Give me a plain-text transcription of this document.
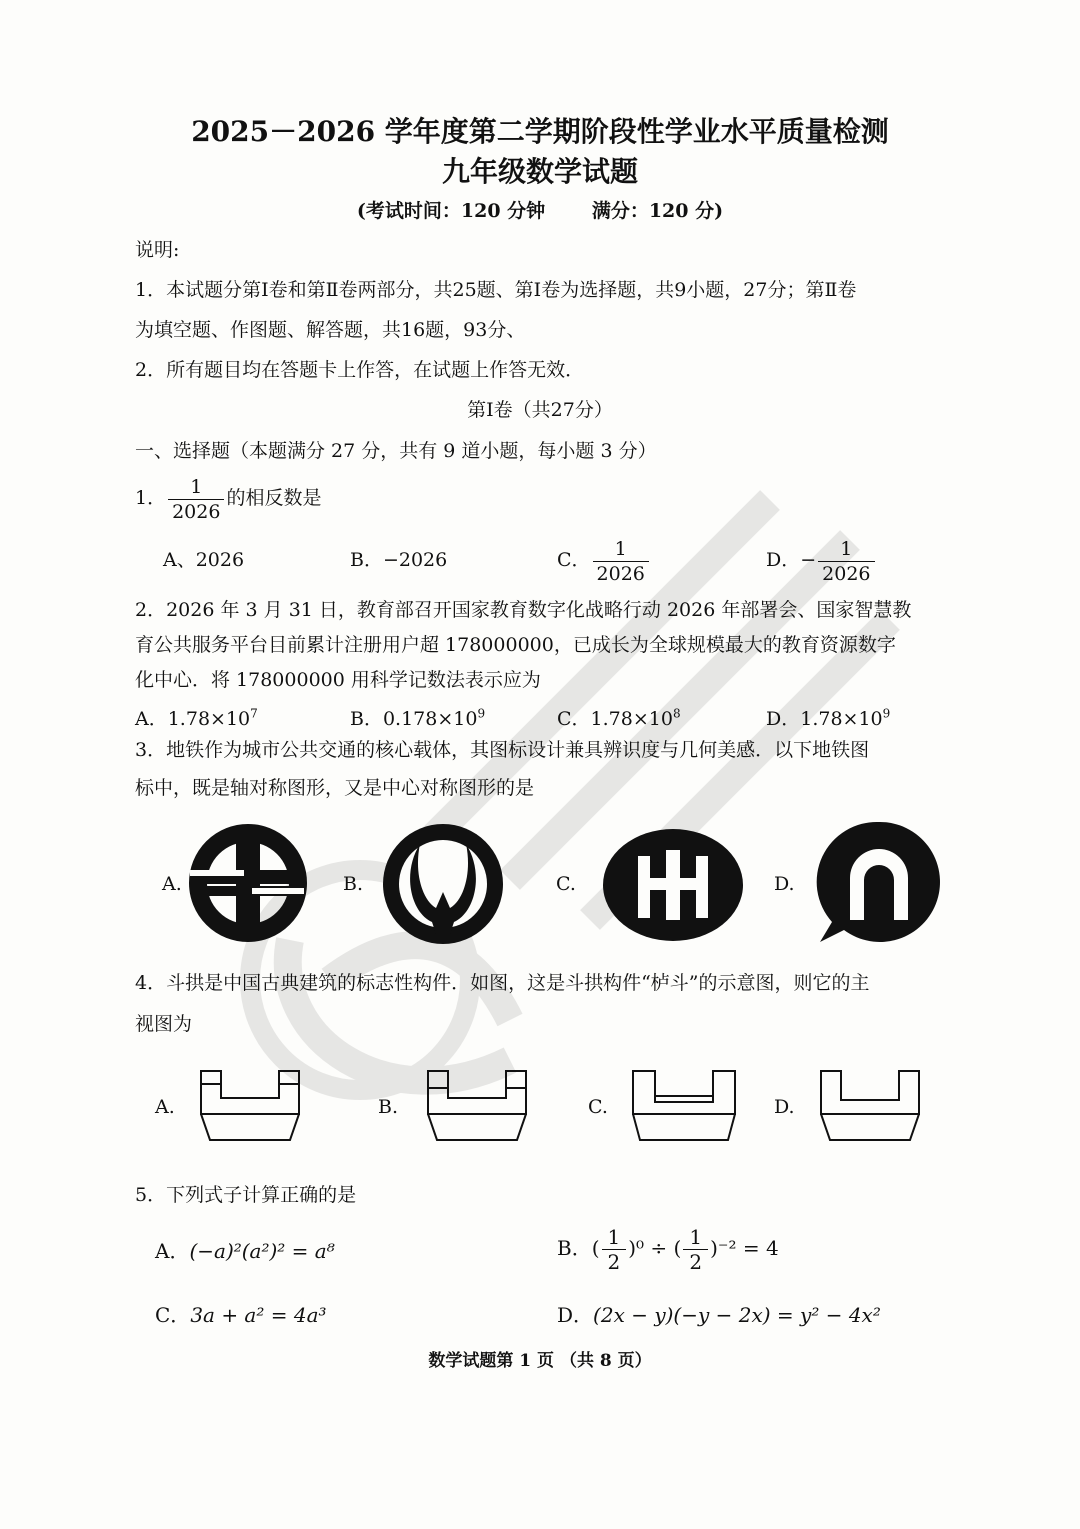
2025－2026 学年度第二学期阶段性学业水平质量检测
九年级数学试题
(考试时间：120 分钟 满分：120 分)
说明:
1．本试题分第Ⅰ卷和第Ⅱ卷两部分，共25题、第Ⅰ卷为选择题，共9小题，27分；第Ⅱ卷
为填空题、作图题、解答题，共16题，93分、
2．所有题目均在答题卡上作答，在试题上作答无效．
第Ⅰ卷（共27分）
一、选择题（本题满分 27 分，共有 9 道小题，每小题 3 分）
1． $\frac{1}{2026}$ 的相反数是
A、2026	B．−2026	C． $\frac{1}{2026}$	D．− $\frac{1}{2026}$
2．2026 年 3 月 31 日，教育部召开国家教育数字化战略行动 2026 年部署会、国家智慧教
育公共服务平台目前累计注册用户超 178000000，已成长为全球规模最大的教育资源数字
化中心．将 178000000 用科学记数法表示应为
A．$1.78\times 10^7$	B．$0.178\times 10^9$	C．$1.78\times 10^8$	D．$1.78\times 10^9$
3．地铁作为城市公共交通的核心载体，其图标设计兼具辨识度与几何美感．以下地铁图
标中，既是轴对称图形，又是中心对称图形的是
A.	B.	C.	D.
4．斗拱是中国古典建筑的标志性构件．如图，这是斗拱构件“栌斗”的示意图，则它的主
视图为
A.	B.	C.	D.
5．下列式子计算正确的是
A．(−a)²(a²)² = a⁸	B．( $\frac{1}{2} )^0$ ÷ ( $\frac{1}{2} )^{-2} = 4$
C．3a + a² = 4a³	D．(2x − y)(−y − 2x) = y² − 4x²
数学试题第 1 页 （共 8 页）
